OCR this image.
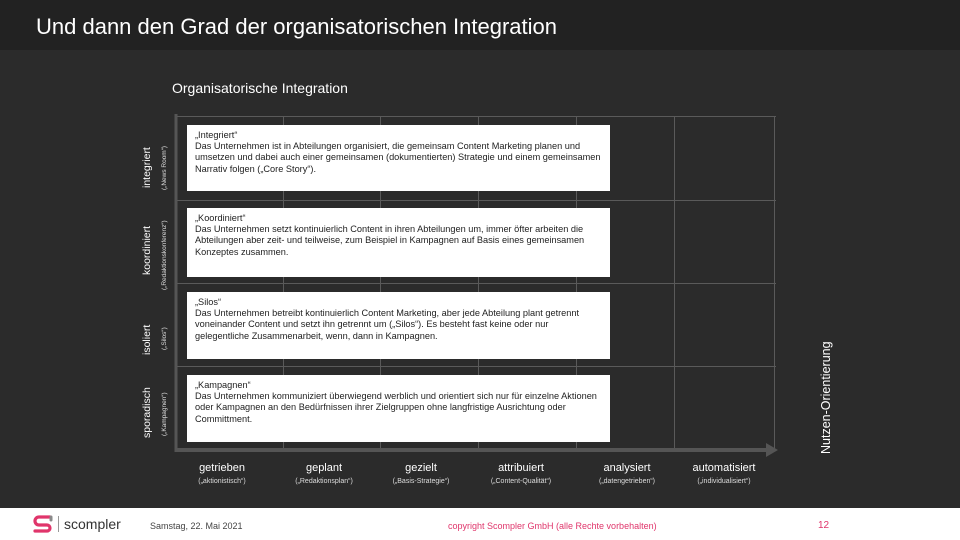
Und dann den Grad der organisatorischen Integration
Organisatorische Integration
integriert	(„News Room“)
koordiniert	(„Redaktionskonferenz“)
isoliert	(„Silos“)
sporadisch	(„Kampagnen“)
„Integriert“
Das Unternehmen ist in Abteilungen organisiert, die gemeinsam Content Marketing planen und umsetzen und dabei auch einer gemeinsamen (dokumentierten) Strategie und einem gemeinsamen Narrativ folgen („Core Story“).
„Koordiniert“
Das Unternehmen setzt kontinuierlich Content in ihren Abteilungen um, immer öfter arbeiten die Abteilungen aber zeit- und teilweise, zum Beispiel in Kampagnen auf Basis eines gemeinsamen Konzeptes zusammen.
„Silos“
Das Unternehmen betreibt kontinuierlich Content Marketing, aber jede Abteilung plant getrennt voneinander Content und setzt ihn getrennt um („Silos“). Es besteht fast keine oder nur gelegentliche Zusammenarbeit, wenn, dann in Kampagnen.
„Kampagnen“
Das Unternehmen kommuniziert überwiegend werblich und orientiert sich nur für einzelne Aktionen oder Kampagnen an den Bedürfnissen ihrer Zielgruppen ohne langfristige Ausrichtung oder Committment.
getrieben
(„aktionistisch“)
geplant
(„Redaktionsplan“)
gezielt
(„Basis-Strategie“)
attribuiert
(„Content-Qualität“)
analysiert
(„datengetrieben“)
automatisiert
(„individualisiert“)
Nutzen-Orientierung
scompler	Samstag, 22. Mai 2021	copyright Scompler GmbH (alle Rechte vorbehalten)	12
